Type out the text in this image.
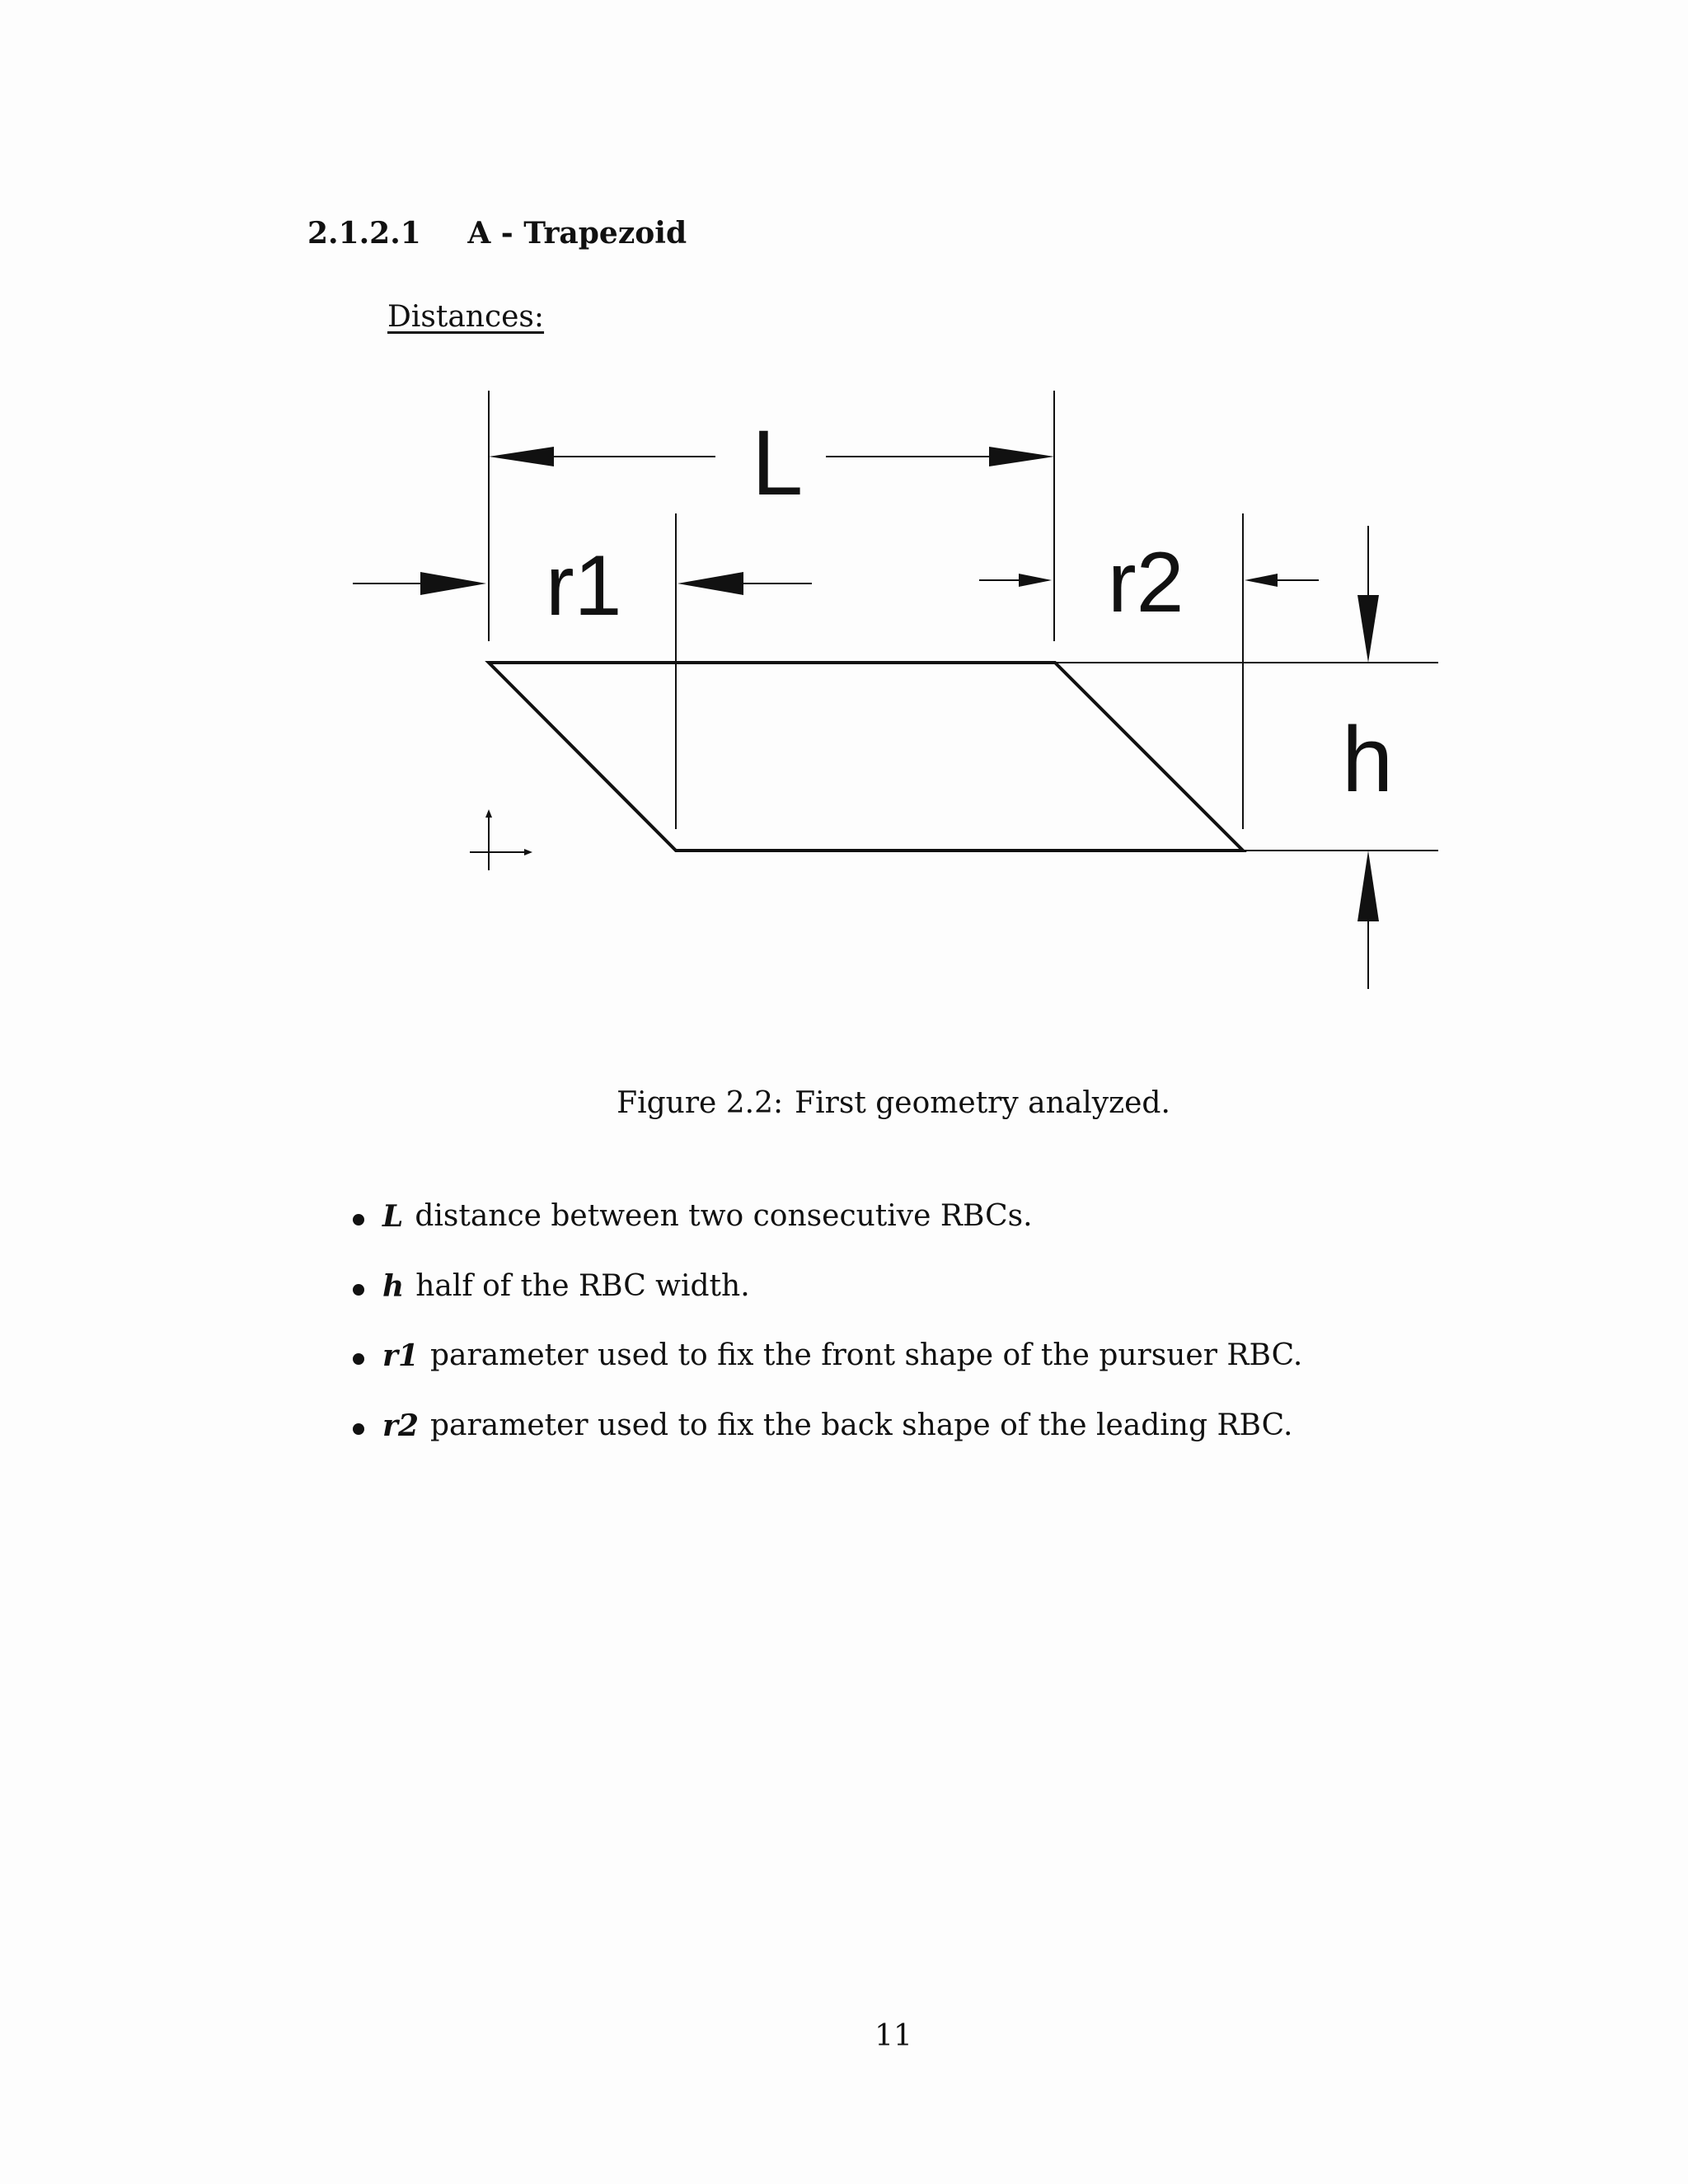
2.1.2.1 A - Trapezoid

Distances:

L
r1	r2
h

Figure 2.2: First geometry analyzed.

L distance between two consecutive RBCs.
h half of the RBC width.
r1 parameter used to fix the front shape of the pursuer RBC.
r2 parameter used to fix the back shape of the leading RBC.

11
